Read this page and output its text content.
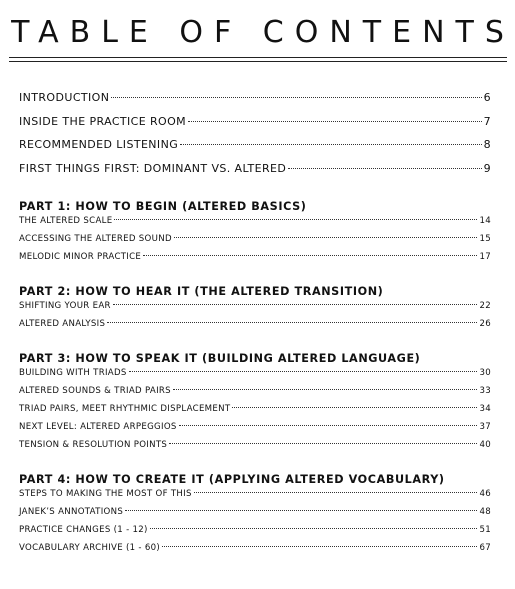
TABLE OF CONTENTS
INTRODUCTION	6
INSIDE THE PRACTICE ROOM	7
RECOMMENDED LISTENING	8
FIRST THINGS FIRST: DOMINANT VS. ALTERED	9
PART 1: HOW TO BEGIN (ALTERED BASICS)
THE ALTERED SCALE	14
ACCESSING THE ALTERED SOUND	15
MELODIC MINOR PRACTICE	17
PART 2: HOW TO HEAR IT (THE ALTERED TRANSITION)
SHIFTING YOUR EAR	22
ALTERED ANALYSIS	26
PART 3: HOW TO SPEAK IT (BUILDING ALTERED LANGUAGE)
BUILDING WITH TRIADS	30
ALTERED SOUNDS & TRIAD PAIRS	33
TRIAD PAIRS, MEET RHYTHMIC DISPLACEMENT	34
NEXT LEVEL: ALTERED ARPEGGIOS	37
TENSION & RESOLUTION POINTS	40
PART 4: HOW TO CREATE IT (APPLYING ALTERED VOCABULARY)
STEPS TO MAKING THE MOST OF THIS	46
JANEK’S ANNOTATIONS	48
PRACTICE CHANGES (1 - 12)	51
VOCABULARY ARCHIVE (1 - 60)	67
